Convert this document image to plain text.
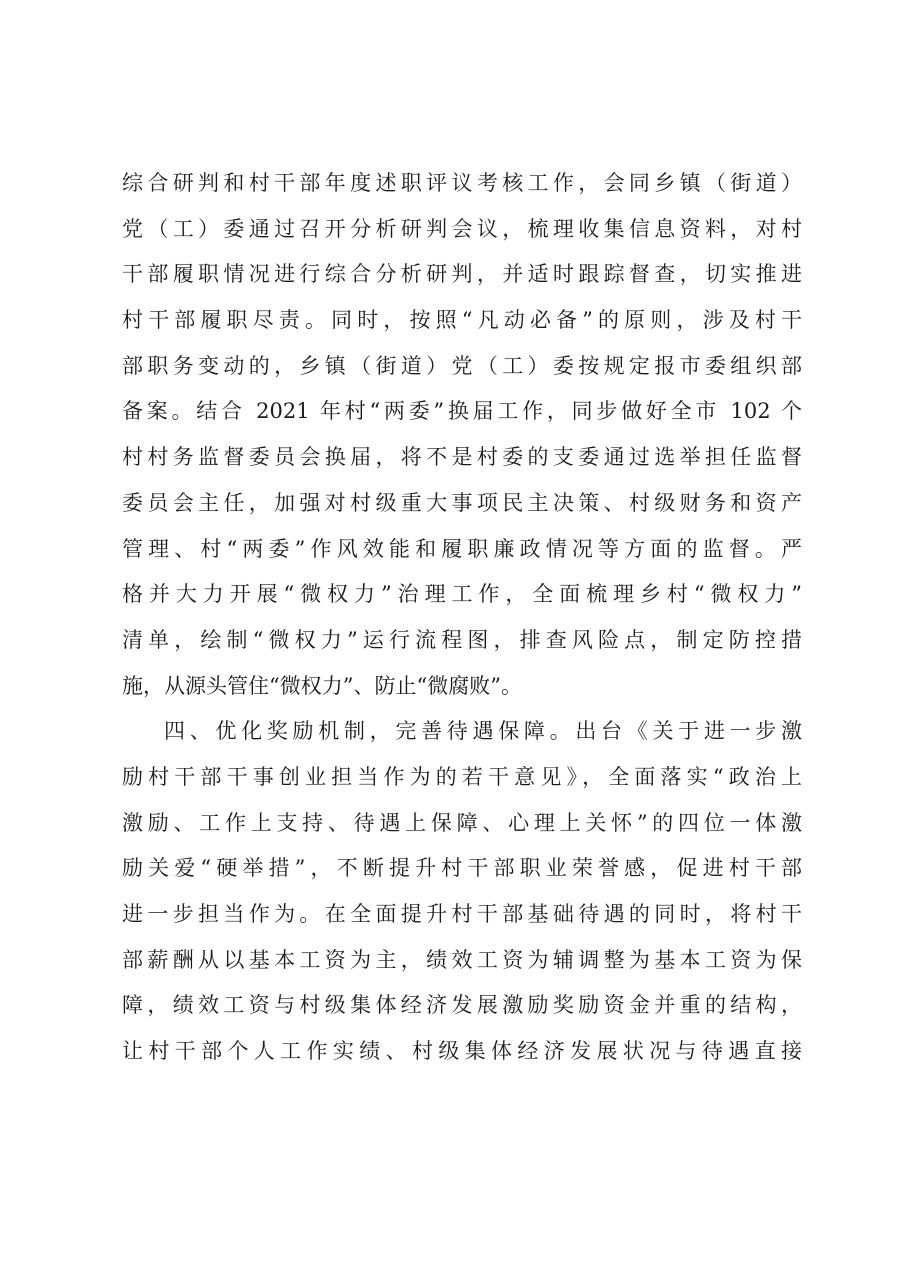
综合研判和村干部年度述职评议考核工作，会同乡镇（街道）
党（工）委通过召开分析研判会议，梳理收集信息资料，对村
干部履职情况进行综合分析研判，并适时跟踪督查，切实推进
村干部履职尽责。同时，按照“凡动必备”的原则，涉及村干
部职务变动的，乡镇（街道）党（工）委按规定报市委组织部
备案。结合 2021 年村“两委”换届工作，同步做好全市 102 个
村村务监督委员会换届，将不是村委的支委通过选举担任监督
委员会主任，加强对村级重大事项民主决策、村级财务和资产
管理、村“两委”作风效能和履职廉政情况等方面的监督。严
格并大力开展“微权力”治理工作，全面梳理乡村“微权力”
清单，绘制“微权力”运行流程图，排查风险点，制定防控措
施，从源头管住“微权力”、防止“微腐败”。
四、优化奖励机制，完善待遇保障。出台《关于进一步激
励村干部干事创业担当作为的若干意见》，全面落实“政治上
激励、工作上支持、待遇上保障、心理上关怀”的四位一体激
励关爱“硬举措”，不断提升村干部职业荣誉感，促进村干部
进一步担当作为。在全面提升村干部基础待遇的同时，将村干
部薪酬从以基本工资为主，绩效工资为辅调整为基本工资为保
障，绩效工资与村级集体经济发展激励奖励资金并重的结构，
让村干部个人工作实绩、村级集体经济发展状况与待遇直接
